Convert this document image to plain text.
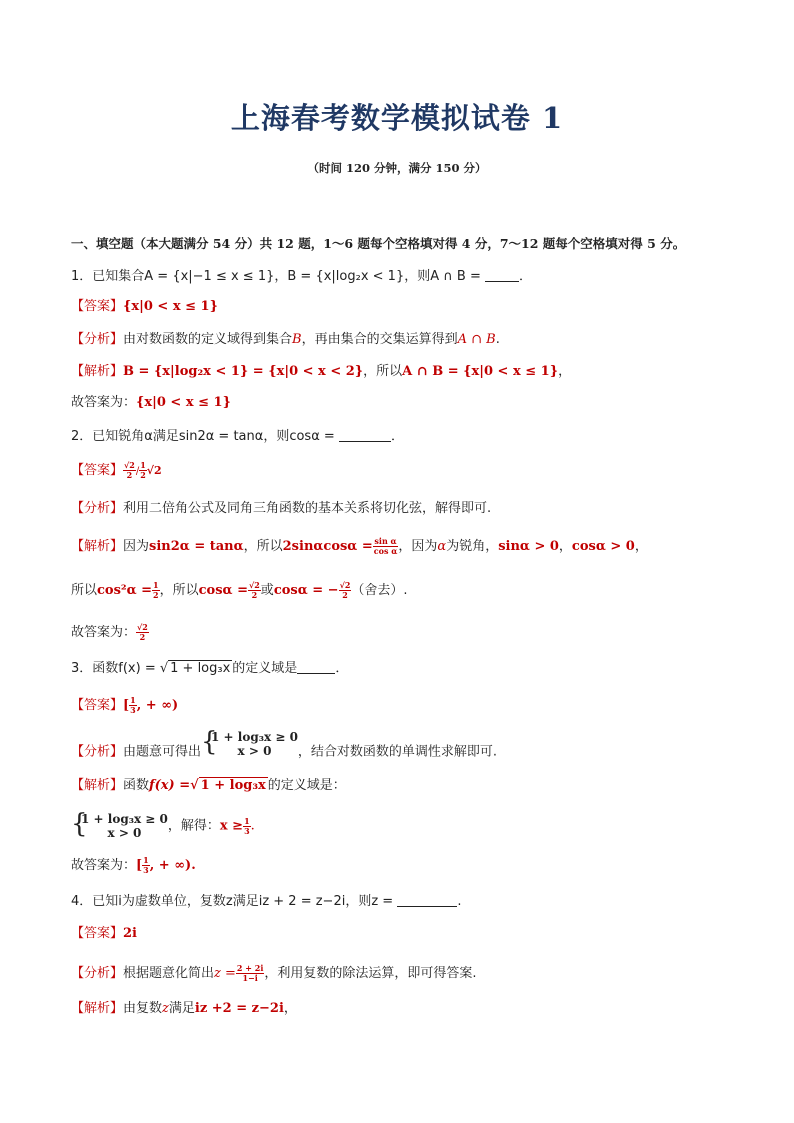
上海春考数学模拟试卷 1
（时间 120 分钟，满分 150 分）
一、填空题（本大题满分 54 分）共 12 题，1～6 题每个空格填对得 4 分，7～12 题每个空格填对得 5 分。
1．已知集合A = {x|−1 ≤ x ≤ 1}，B = {x|log₂x < 1}，则A ∩ B =	．
【答案】{x|0 < x ≤ 1}
【分析】由对数函数的定义域得到集合B，再由集合的交集运算得到A ∩ B.
【解析】B = {x|log₂x < 1} = {x|0 < x < 2}，所以A ∩ B = {x|0 < x ≤ 1}，
故答案为：{x|0 < x ≤ 1}
2．已知锐角α满足sin2α = tanα，则cosα =	．
【答案】 $\frac{√2}{2} / \frac{1}{2} √2$
【分析】利用二倍角公式及同角三角函数的基本关系将切化弦，解得即可.
【解析】因为sin2α = tanα，所以$2\sin\alpha\cos\alpha = \frac{\text{sin α}}{\text{cos α}}$ ，因为α为锐角，sinα > 0，cosα > 0，
所以$\cos^2\alpha = \frac{1}{2}$ ，所以$\cos\alpha = \frac{√2}{2}$ 或cosα = − $\frac{√2}{2}$ （舍去）.
故答案为： $\frac{√2}{2}$
3．函数f(x) = √ 1 + log₃x 的定义域是	．
【答案】[ $\frac{1}{3}$ , + ∞)
【分析】由题意可得出 {
1 + log₃x ≥ 0
x > 0	，结合对数函数的单调性求解即可.
【解析】函数f(x) =√ 1 + log₃x 的定义域是：
{
1 + log₃x ≥ 0
x > 0	，解得：$x \ge \frac{1}{3}$ .
故答案为：[ $\frac{1}{3}$ , + ∞).
4．已知i为虚数单位，复数z满足iz + 2 = z−2i，则z =	.
【答案】2i
【分析】根据题意化简出$z = \frac{2 + 2i}{1-i}$ ，利用复数的除法运算，即可得答案.
【解析】由复数z满足iz +2 = z−2i，
